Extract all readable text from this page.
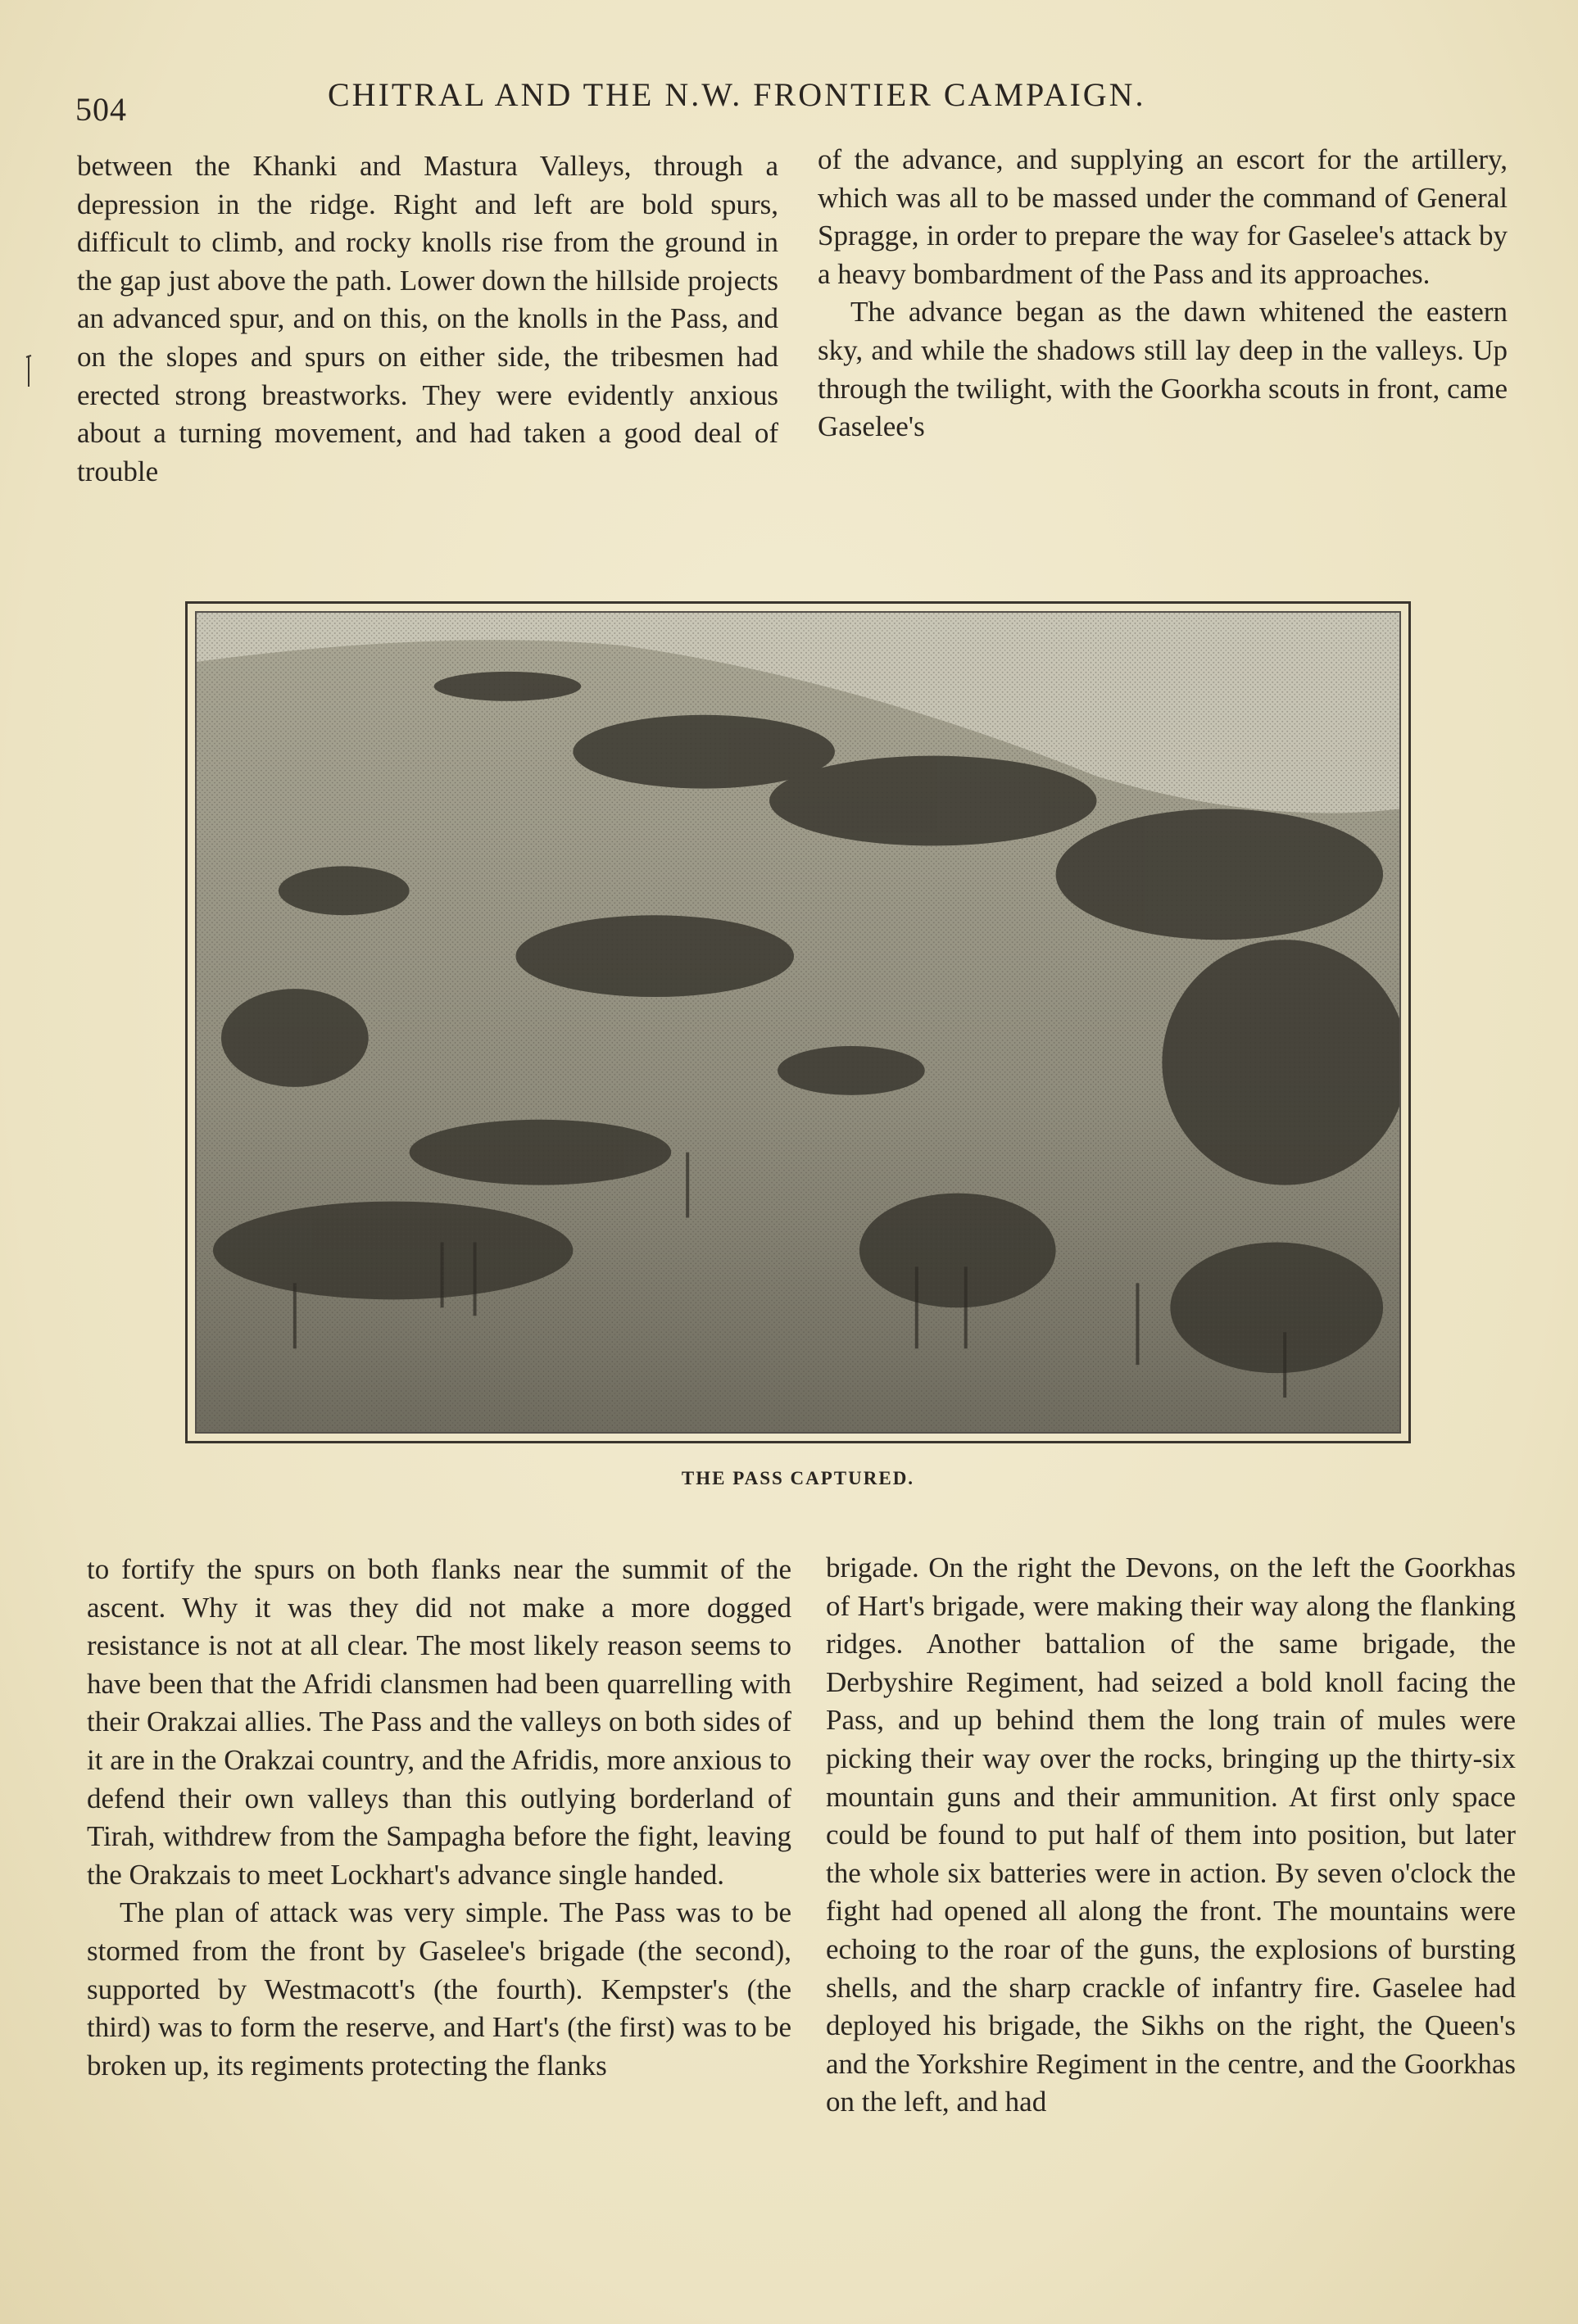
504	CHITRAL AND THE N.W. FRONTIER CAMPAIGN.

between the Khanki and Mastura Valleys, through a depression in the ridge. Right and left are bold spurs, difficult to climb, and rocky knolls rise from the ground in the gap just above the path. Lower down the hillside projects an advanced spur, and on this, on the knolls in the Pass, and on the slopes and spurs on either side, the tribesmen had erected strong breastworks. They were evidently anxious about a turning movement, and had taken a good deal of trouble

of the advance, and supplying an escort for the artillery, which was all to be massed under the command of General Spragge, in order to prepare the way for Gaselee's attack by a heavy bombardment of the Pass and its approaches.

The advance began as the dawn whitened the eastern sky, and while the shadows still lay deep in the valleys. Up through the twilight, with the Goorkha scouts in front, came Gaselee's

THE PASS CAPTURED.

to fortify the spurs on both flanks near the summit of the ascent. Why it was they did not make a more dogged resistance is not at all clear. The most likely reason seems to have been that the Afridi clansmen had been quarrelling with their Orakzai allies. The Pass and the valleys on both sides of it are in the Orakzai country, and the Afridis, more anxious to defend their own valleys than this outlying borderland of Tirah, withdrew from the Sampagha before the fight, leaving the Orakzais to meet Lockhart's advance single handed.

The plan of attack was very simple. The Pass was to be stormed from the front by Gaselee's brigade (the second), supported by Westmacott's (the fourth). Kempster's (the third) was to form the reserve, and Hart's (the first) was to be broken up, its regiments protecting the flanks

brigade. On the right the Devons, on the left the Goorkhas of Hart's brigade, were making their way along the flanking ridges. Another battalion of the same brigade, the Derbyshire Regiment, had seized a bold knoll facing the Pass, and up behind them the long train of mules were picking their way over the rocks, bringing up the thirty-six mountain guns and their ammunition. At first only space could be found to put half of them into position, but later the whole six batteries were in action. By seven o'clock the fight had opened all along the front. The mountains were echoing to the roar of the guns, the explosions of bursting shells, and the sharp crackle of infantry fire. Gaselee had deployed his brigade, the Sikhs on the right, the Queen's and the Yorkshire Regiment in the centre, and the Goorkhas on the left, and had
